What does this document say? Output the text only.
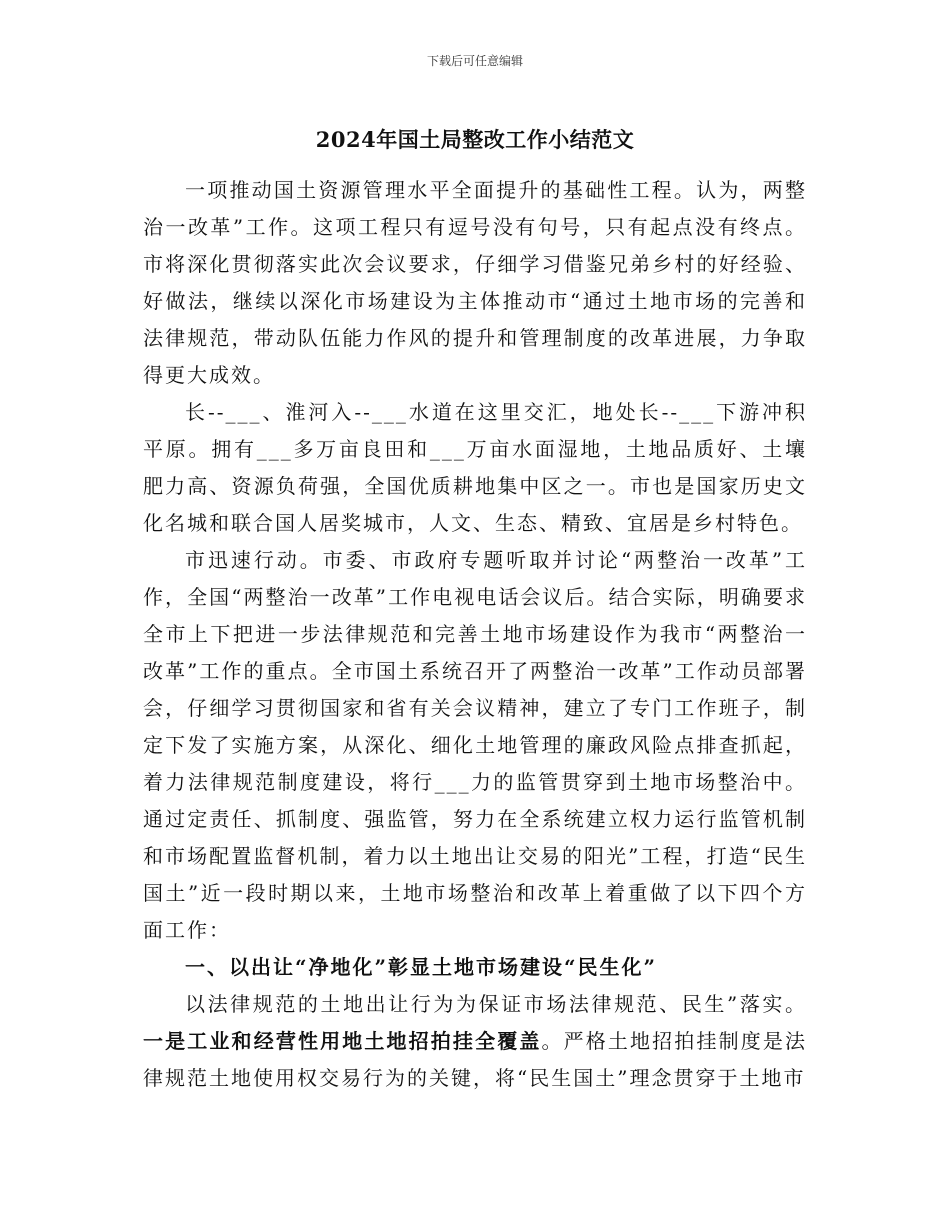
下载后可任意编辑
2024年国土局整改工作小结范文

一项推动国土资源管理水平全面提升的基础性工程。认为，两整治一改革”工作。这项工程只有逗号没有句号，只有起点没有终点。市将深化贯彻落实此次会议要求，仔细学习借鉴兄弟乡村的好经验、好做法，继续以深化市场建设为主体推动市“通过土地市场的完善和法律规范，带动队伍能力作风的提升和管理制度的改革进展，力争取得更大成效。

长--___、淮河入--___水道在这里交汇，地处长--___下游冲积平原。拥有___多万亩良田和___万亩水面湿地，土地品质好、土壤肥力高、资源负荷强，全国优质耕地集中区之一。市也是国家历史文化名城和联合国人居奖城市，人文、生态、精致、宜居是乡村特色。

市迅速行动。市委、市政府专题听取并讨论“两整治一改革”工作，全国“两整治一改革”工作电视电话会议后。结合实际，明确要求全市上下把进一步法律规范和完善土地市场建设作为我市“两整治一改革”工作的重点。全市国土系统召开了两整治一改革”工作动员部署会，仔细学习贯彻国家和省有关会议精神，建立了专门工作班子，制定下发了实施方案，从深化、细化土地管理的廉政风险点排查抓起，着力法律规范制度建设，将行___力的监管贯穿到土地市场整治中。通过定责任、抓制度、强监管，努力在全系统建立权力运行监管机制和市场配置监督机制，着力以土地出让交易的阳光”工程，打造“民生国土”近一段时期以来，土地市场整治和改革上着重做了以下四个方面工作：

一、以出让“净地化”彰显土地市场建设“民生化”

以法律规范的土地出让行为为保证市场法律规范、民生”落实。一是工业和经营性用地土地招拍挂全覆盖。严格土地招拍挂制度是法律规范土地使用权交易行为的关键，将“民生国土”理念贯穿于土地市
